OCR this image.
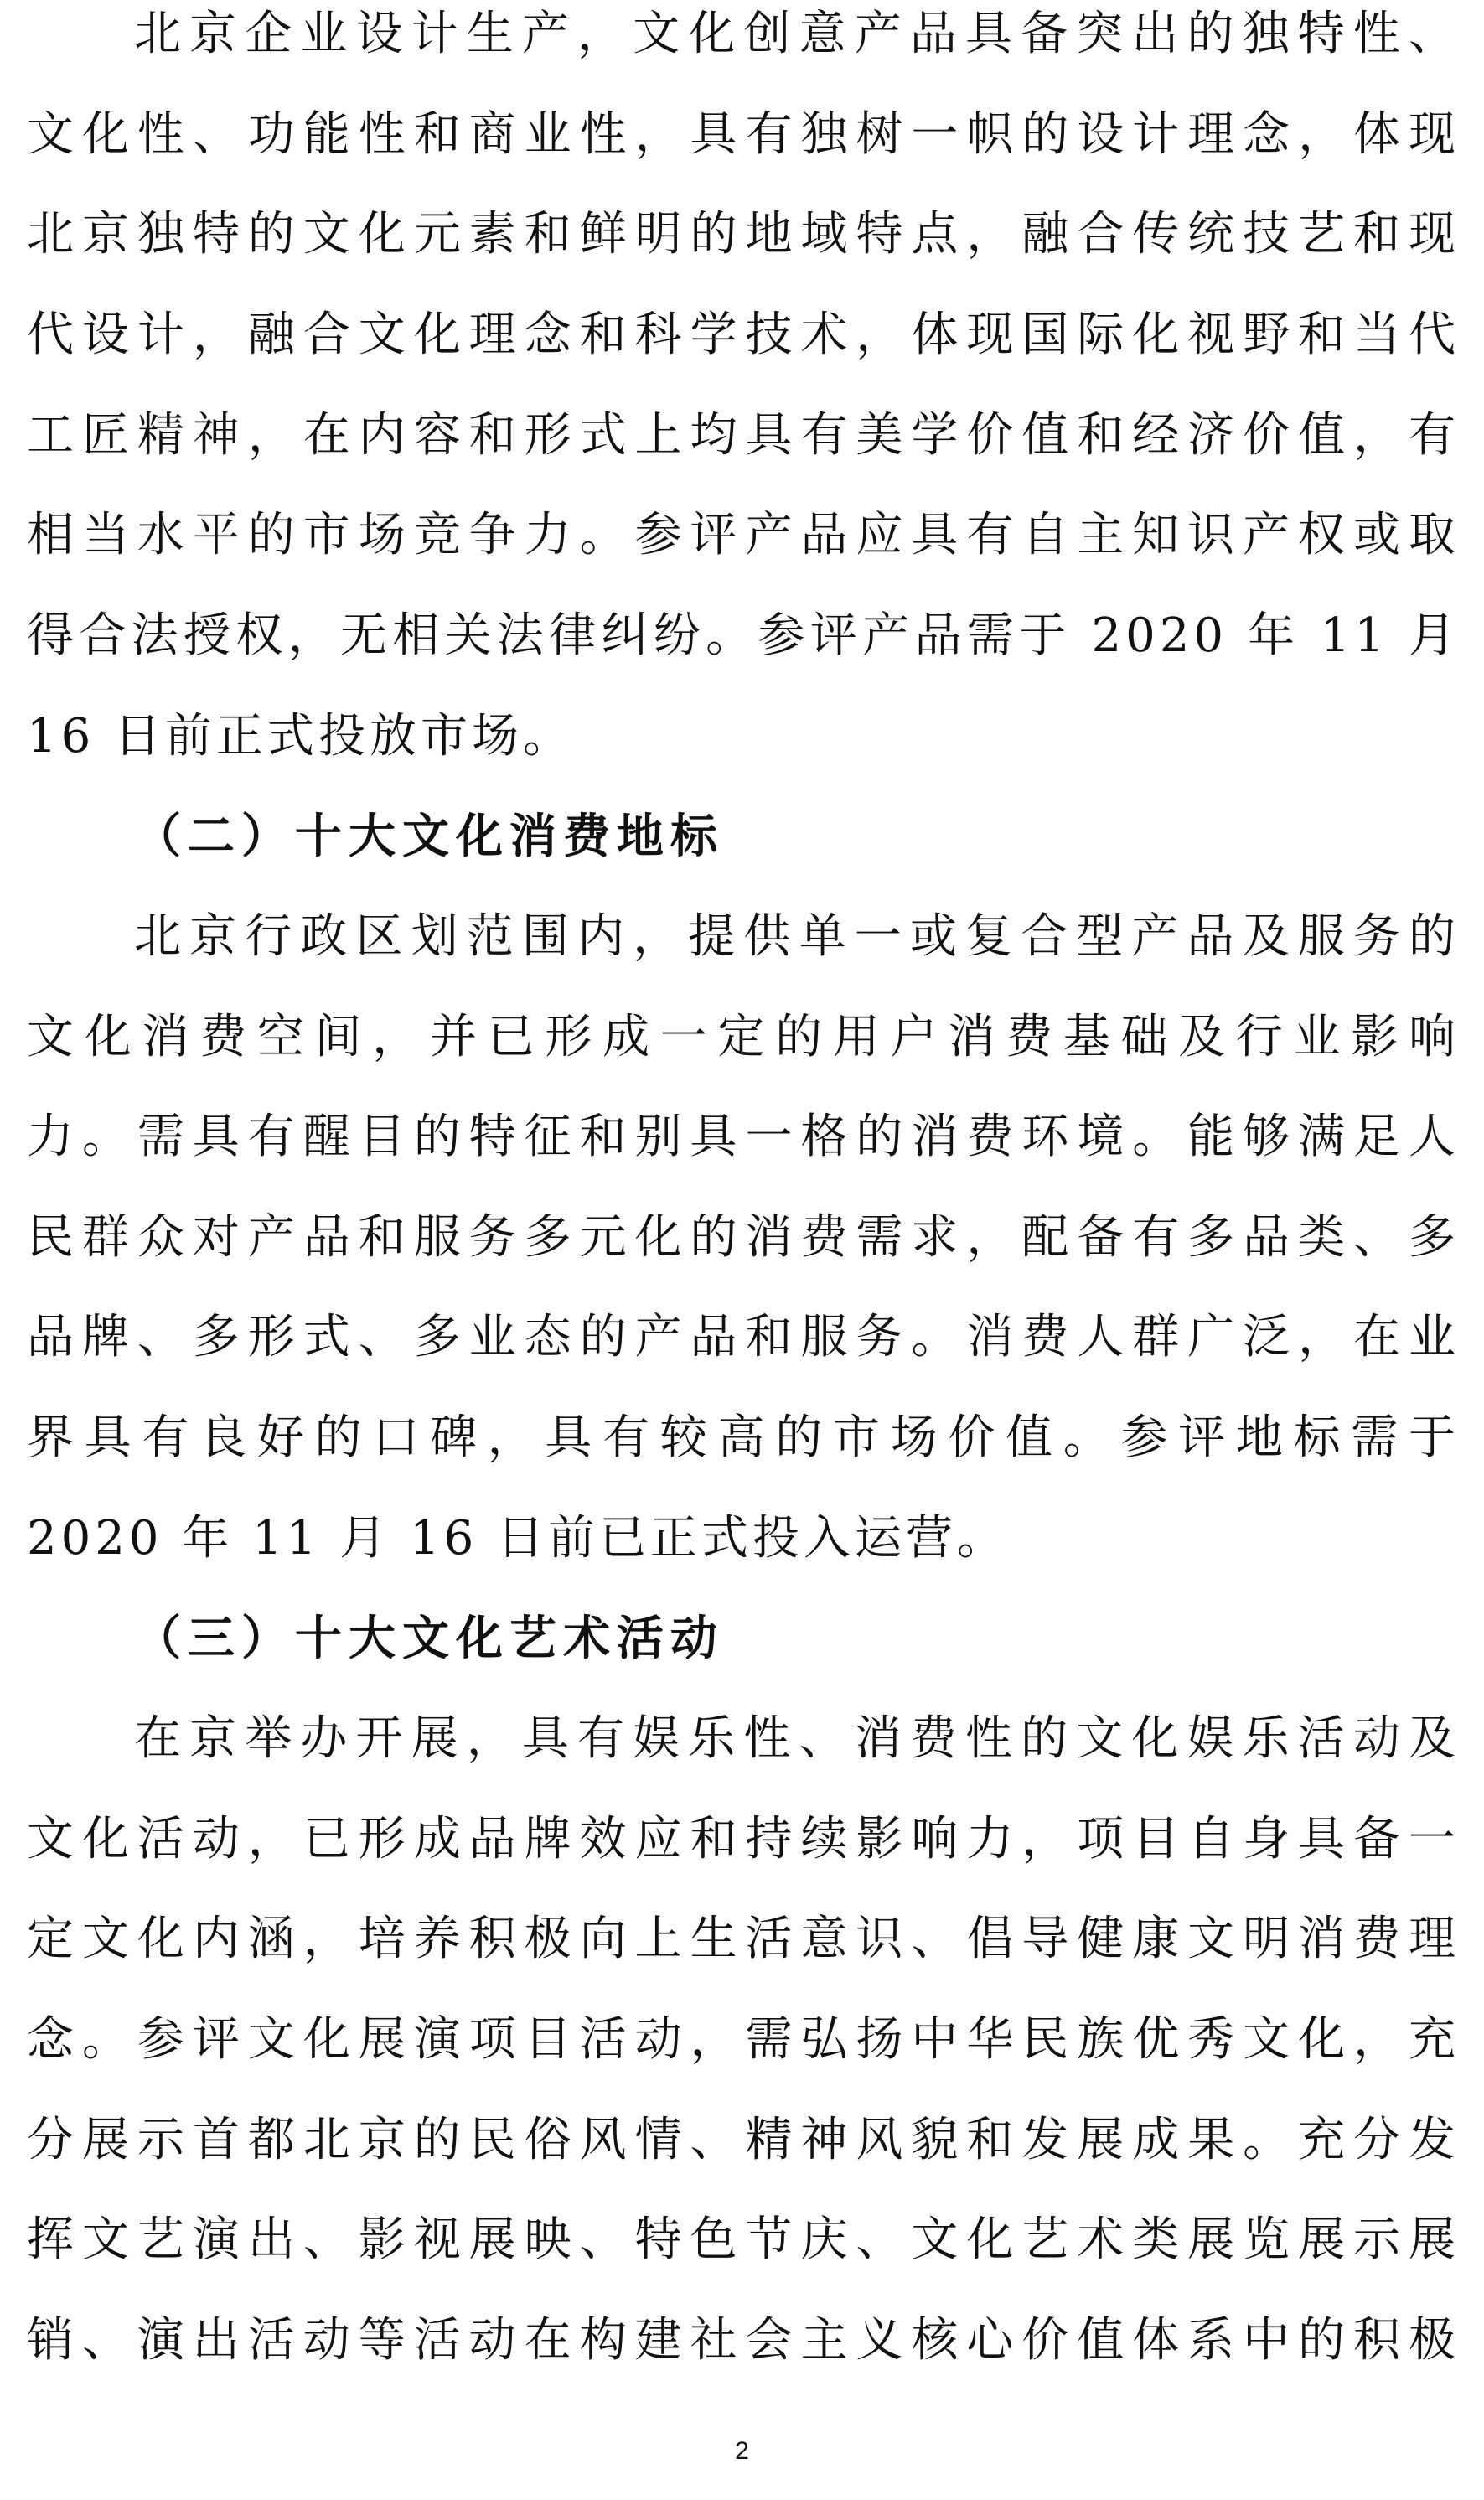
北京企业设计生产，文化创意产品具备突出的独特性、
文化性、功能性和商业性，具有独树一帜的设计理念，体现
北京独特的文化元素和鲜明的地域特点，融合传统技艺和现
代设计，融合文化理念和科学技术，体现国际化视野和当代
工匠精神，在内容和形式上均具有美学价值和经济价值，有
相当水平的市场竞争力。参评产品应具有自主知识产权或取
得合法授权，无相关法律纠纷。参评产品需于 2020 年 11 月
16 日前正式投放市场。
（二）十大文化消费地标
北京行政区划范围内，提供单一或复合型产品及服务的
文化消费空间，并已形成一定的用户消费基础及行业影响
力。需具有醒目的特征和别具一格的消费环境。能够满足人
民群众对产品和服务多元化的消费需求，配备有多品类、多
品牌、多形式、多业态的产品和服务。消费人群广泛，在业
界具有良好的口碑，具有较高的市场价值。参评地标需于
2020 年 11 月 16 日前已正式投入运营。
（三）十大文化艺术活动
在京举办开展，具有娱乐性、消费性的文化娱乐活动及
文化活动，已形成品牌效应和持续影响力，项目自身具备一
定文化内涵，培养积极向上生活意识、倡导健康文明消费理
念。参评文化展演项目活动，需弘扬中华民族优秀文化，充
分展示首都北京的民俗风情、精神风貌和发展成果。充分发
挥文艺演出、影视展映、特色节庆、文化艺术类展览展示展
销、演出活动等活动在构建社会主义核心价值体系中的积极
2
